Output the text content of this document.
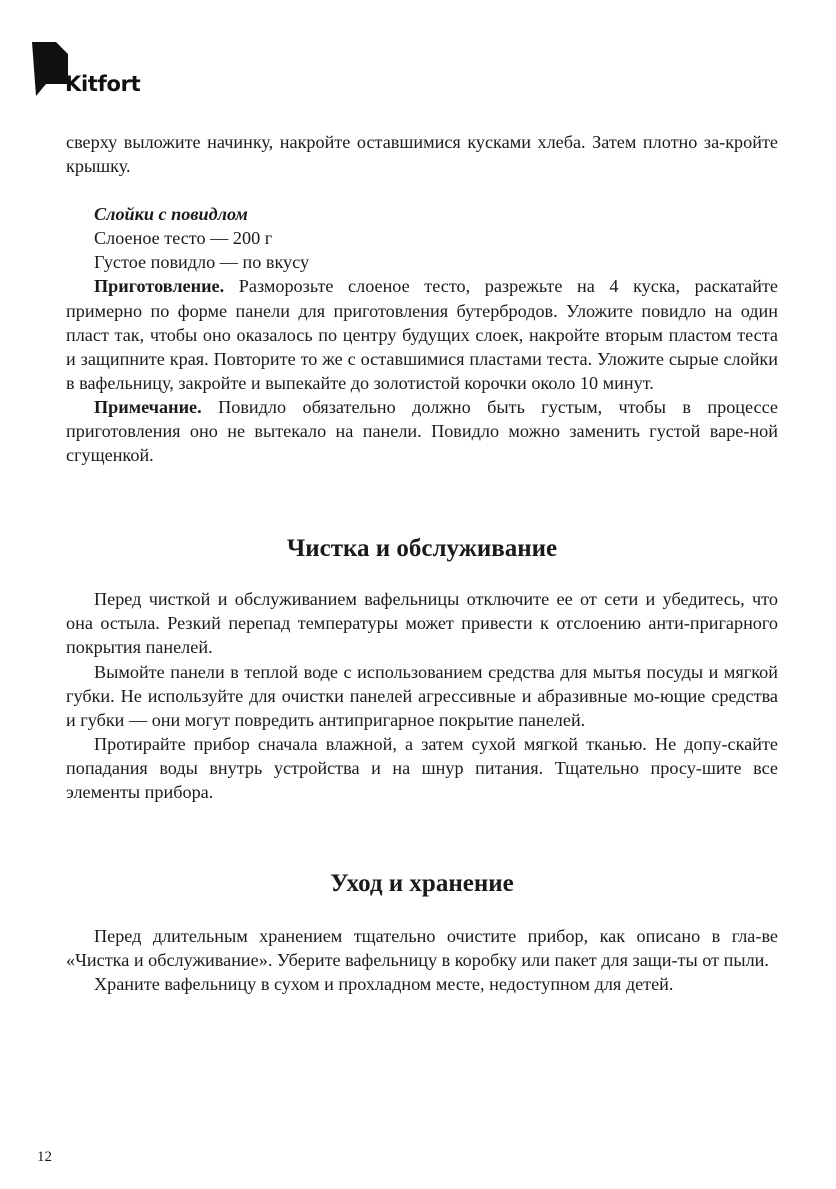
Kitfort

сверху выложите начинку, накройте оставшимися кусками хлеба. Затем плотно за-кройте крышку.

Слойки с повидлом

Слоеное тесто — 200 г

Густое повидло — по вкусу

Приготовление. Разморозьте слоеное тесто, разрежьте на 4 куска, раскатайте примерно по форме панели для приготовления бутербродов. Уложите повидло на один пласт так, чтобы оно оказалось по центру будущих слоек, накройте вторым пластом теста и защипните края. Повторите то же с оставшимися пластами теста. Уложите сырые слойки в вафельницу, закройте и выпекайте до золотистой корочки около 10 минут.

Примечание. Повидло обязательно должно быть густым, чтобы в процессе приготовления оно не вытекало на панели. Повидло можно заменить густой варе-ной сгущенкой.

Чистка и обслуживание

Перед чисткой и обслуживанием вафельницы отключите ее от сети и убедитесь, что она остыла. Резкий перепад температуры может привести к отслоению анти-пригарного покрытия панелей.

Вымойте панели в теплой воде с использованием средства для мытья посуды и мягкой губки. Не используйте для очистки панелей агрессивные и абразивные мо-ющие средства и губки — они могут повредить антипригарное покрытие панелей.

Протирайте прибор сначала влажной, а затем сухой мягкой тканью. Не допу-скайте попадания воды внутрь устройства и на шнур питания. Тщательно просу-шите все элементы прибора.

Уход и хранение

Перед длительным хранением тщательно очистите прибор, как описано в гла-ве «Чистка и обслуживание». Уберите вафельницу в коробку или пакет для защи-ты от пыли.

Храните вафельницу в сухом и прохладном месте, недоступном для детей.

12
